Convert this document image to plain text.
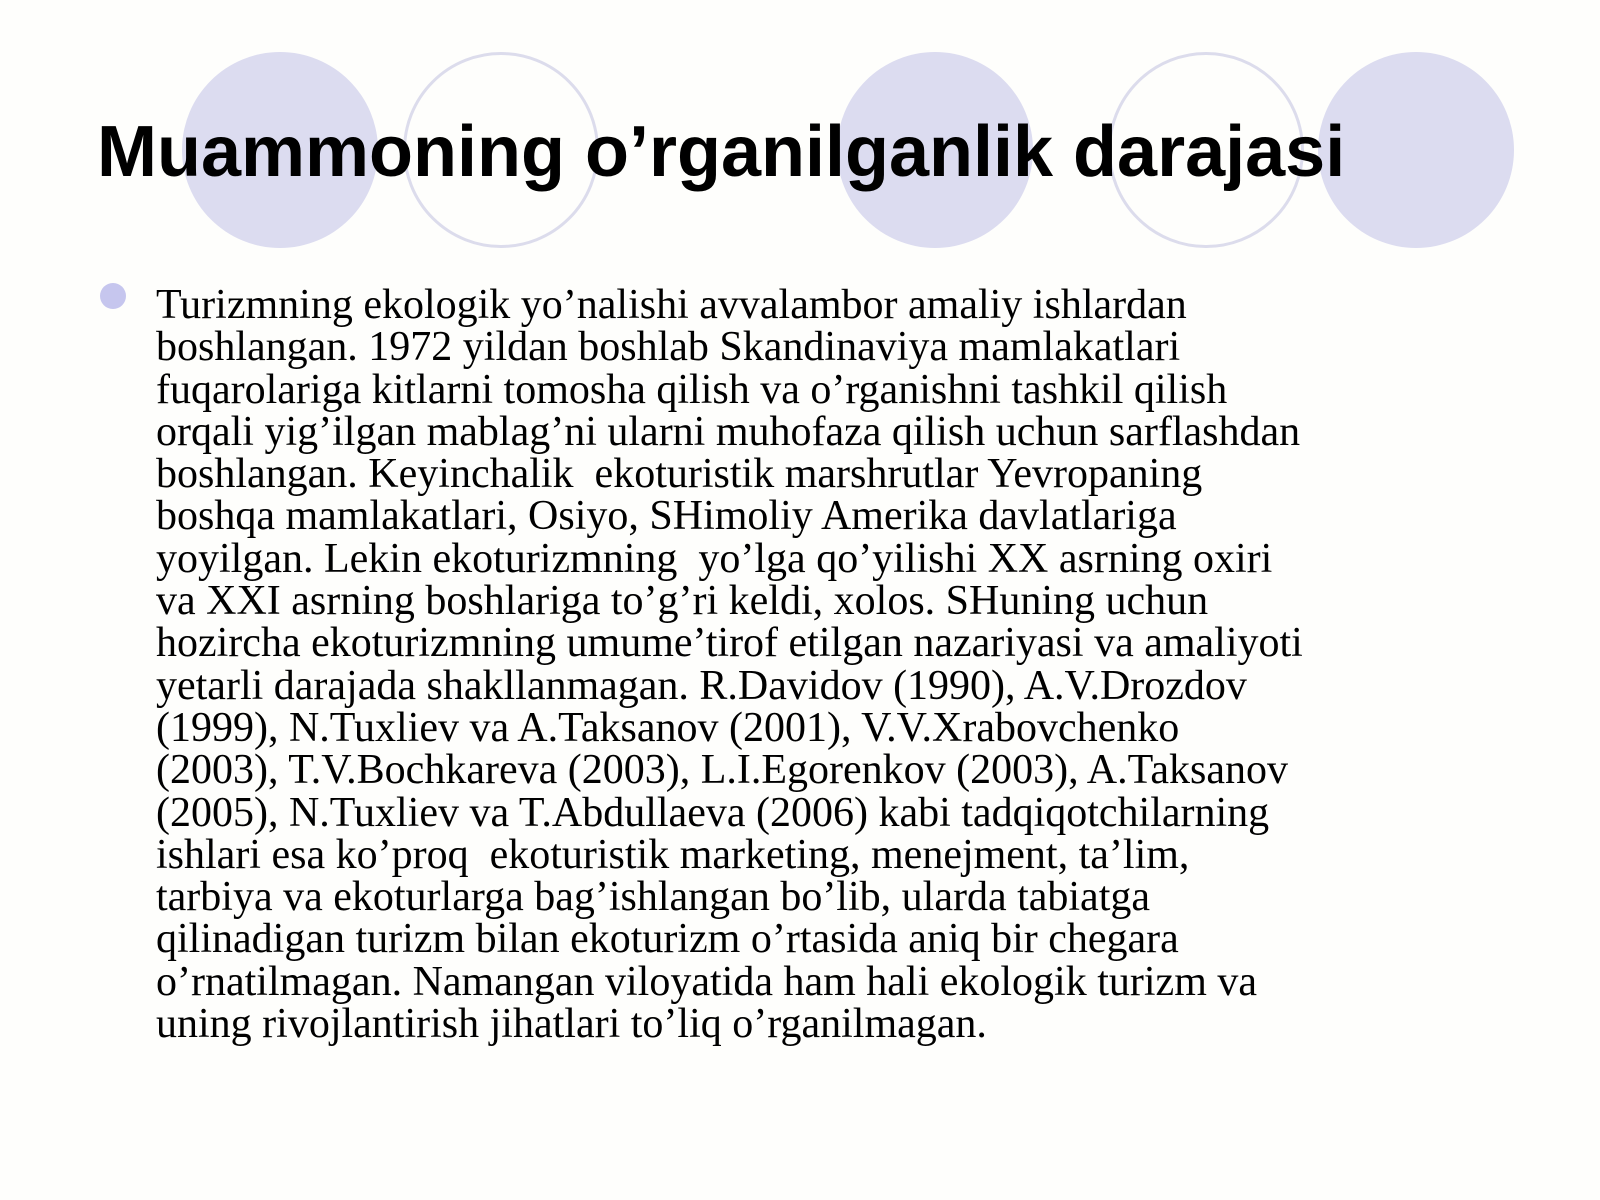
Muammoning o’rganilganlik darajasi

Turizmning ekologik yo’nalishi avvalambor amaliy ishlardan
boshlangan. 1972 yildan boshlab Skandinaviya mamlakatlari
fuqarolariga kitlarni tomosha qilish va o’rganishni tashkil qilish
orqali yig’ilgan mablag’ni ularni muhofaza qilish uchun sarflashdan
boshlangan. Keyinchalik  ekoturistik marshrutlar Yevropaning
boshqa mamlakatlari, Osiyo, SHimoliy Amerika davlatlariga
yoyilgan. Lekin ekoturizmning  yo’lga qo’yilishi XX asrning oxiri
va XXI asrning boshlariga to’g’ri keldi, xolos. SHuning uchun
hozircha ekoturizmning umume’tirof etilgan nazariyasi va amaliyoti
yetarli darajada shakllanmagan. R.Davidov (1990), A.V.Drozdov
(1999), N.Tuxliev va A.Taksanov (2001), V.V.Xrabovchenko
(2003), T.V.Bochkareva (2003), L.I.Egorenkov (2003), A.Taksanov
(2005), N.Tuxliev va T.Abdullaeva (2006) kabi tadqiqotchilarning
ishlari esa ko’proq  ekoturistik marketing, menejment, ta’lim,
tarbiya va ekoturlarga bag’ishlangan bo’lib, ularda tabiatga
qilinadigan turizm bilan ekoturizm o’rtasida aniq bir chegara
o’rnatilmagan. Namangan viloyatida ham hali ekologik turizm va
uning rivojlantirish jihatlari to’liq o’rganilmagan.
